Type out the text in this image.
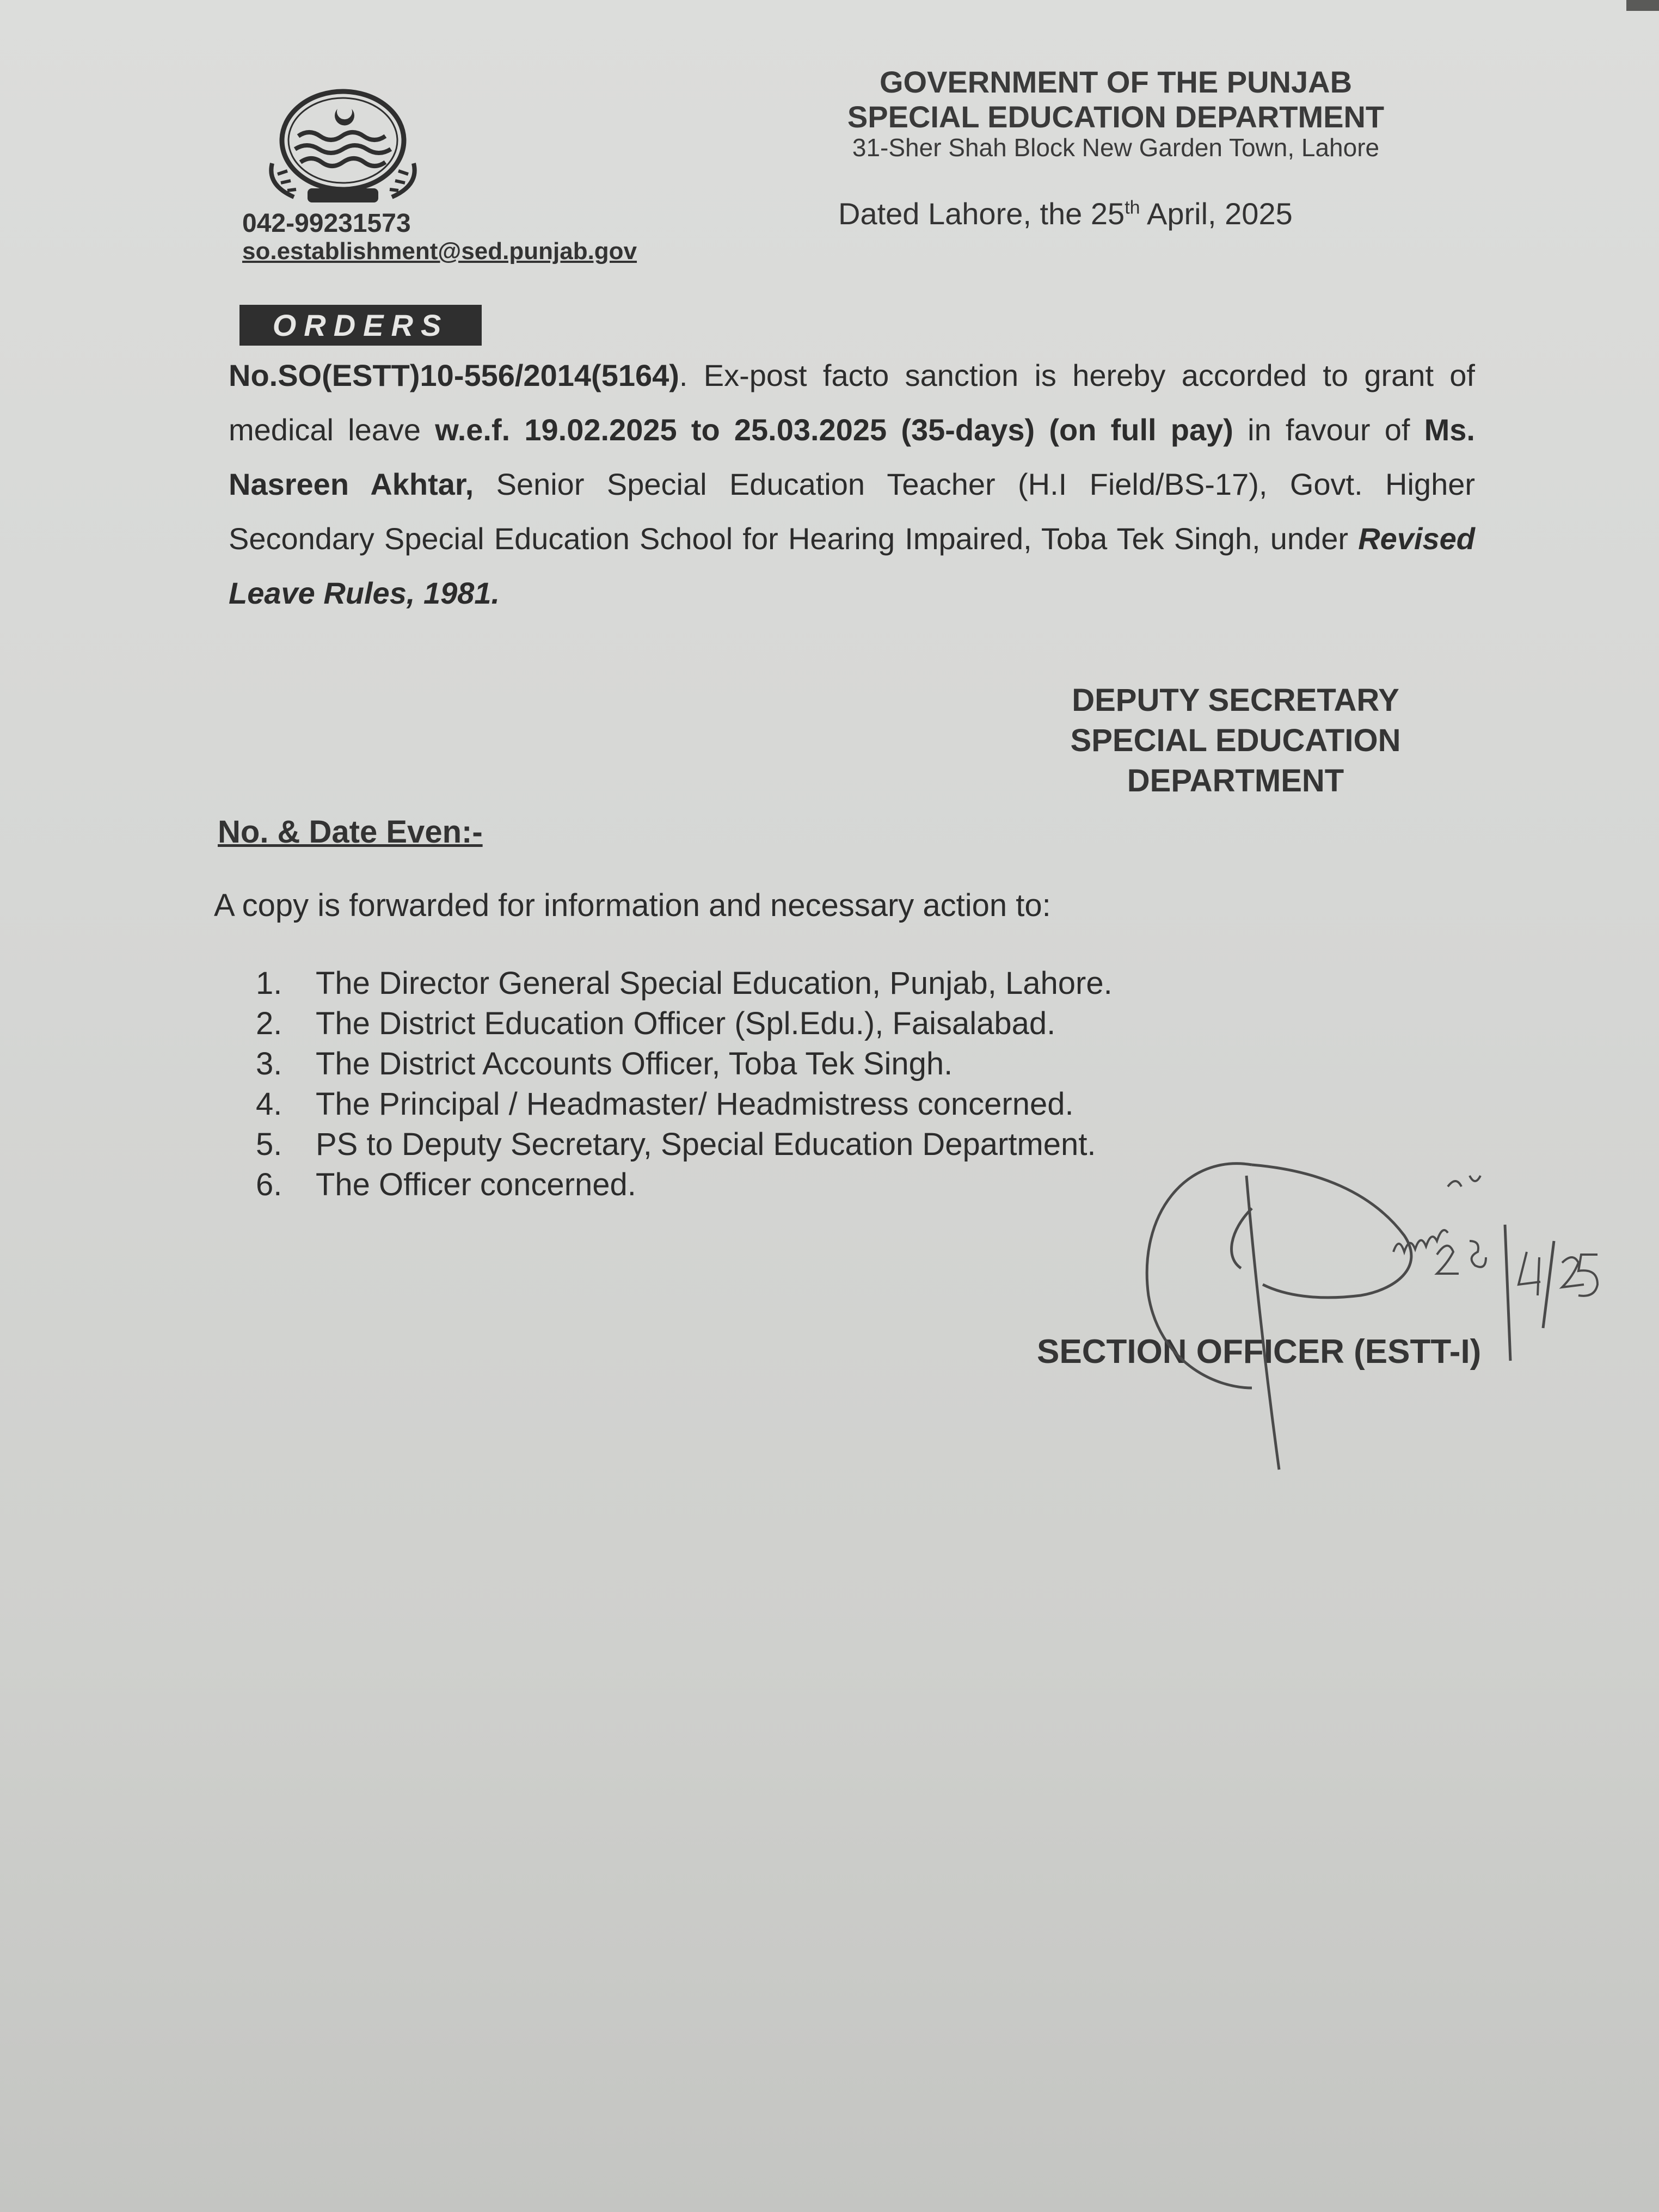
GOVERNMENT OF THE PUNJAB
SPECIAL EDUCATION DEPARTMENT
31-Sher Shah Block New Garden Town, Lahore
Dated Lahore, the 25th April, 2025
042-99231573
so.establishment@sed.punjab.gov
ORDERS
No.SO(ESTT)10-556/2014(5164). Ex-post facto sanction is hereby accorded to grant of medical leave w.e.f. 19.02.2025 to 25.03.2025 (35-days) (on full pay) in favour of Ms. Nasreen Akhtar, Senior Special Education Teacher (H.I Field/BS-17), Govt. Higher Secondary Special Education School for Hearing Impaired, Toba Tek Singh, under Revised Leave Rules, 1981.
DEPUTY SECRETARY
SPECIAL EDUCATION
DEPARTMENT
No. & Date Even:-
A copy is forwarded for information and necessary action to:
1.	The Director General Special Education, Punjab, Lahore.
2.	The District Education Officer (Spl.Edu.), Faisalabad.
3.	The District Accounts Officer, Toba Tek Singh.
4.	The Principal / Headmaster/ Headmistress concerned.
5.	PS to Deputy Secretary, Special Education Department.
6.	The Officer concerned.
SECTION OFFICER (ESTT-I)
